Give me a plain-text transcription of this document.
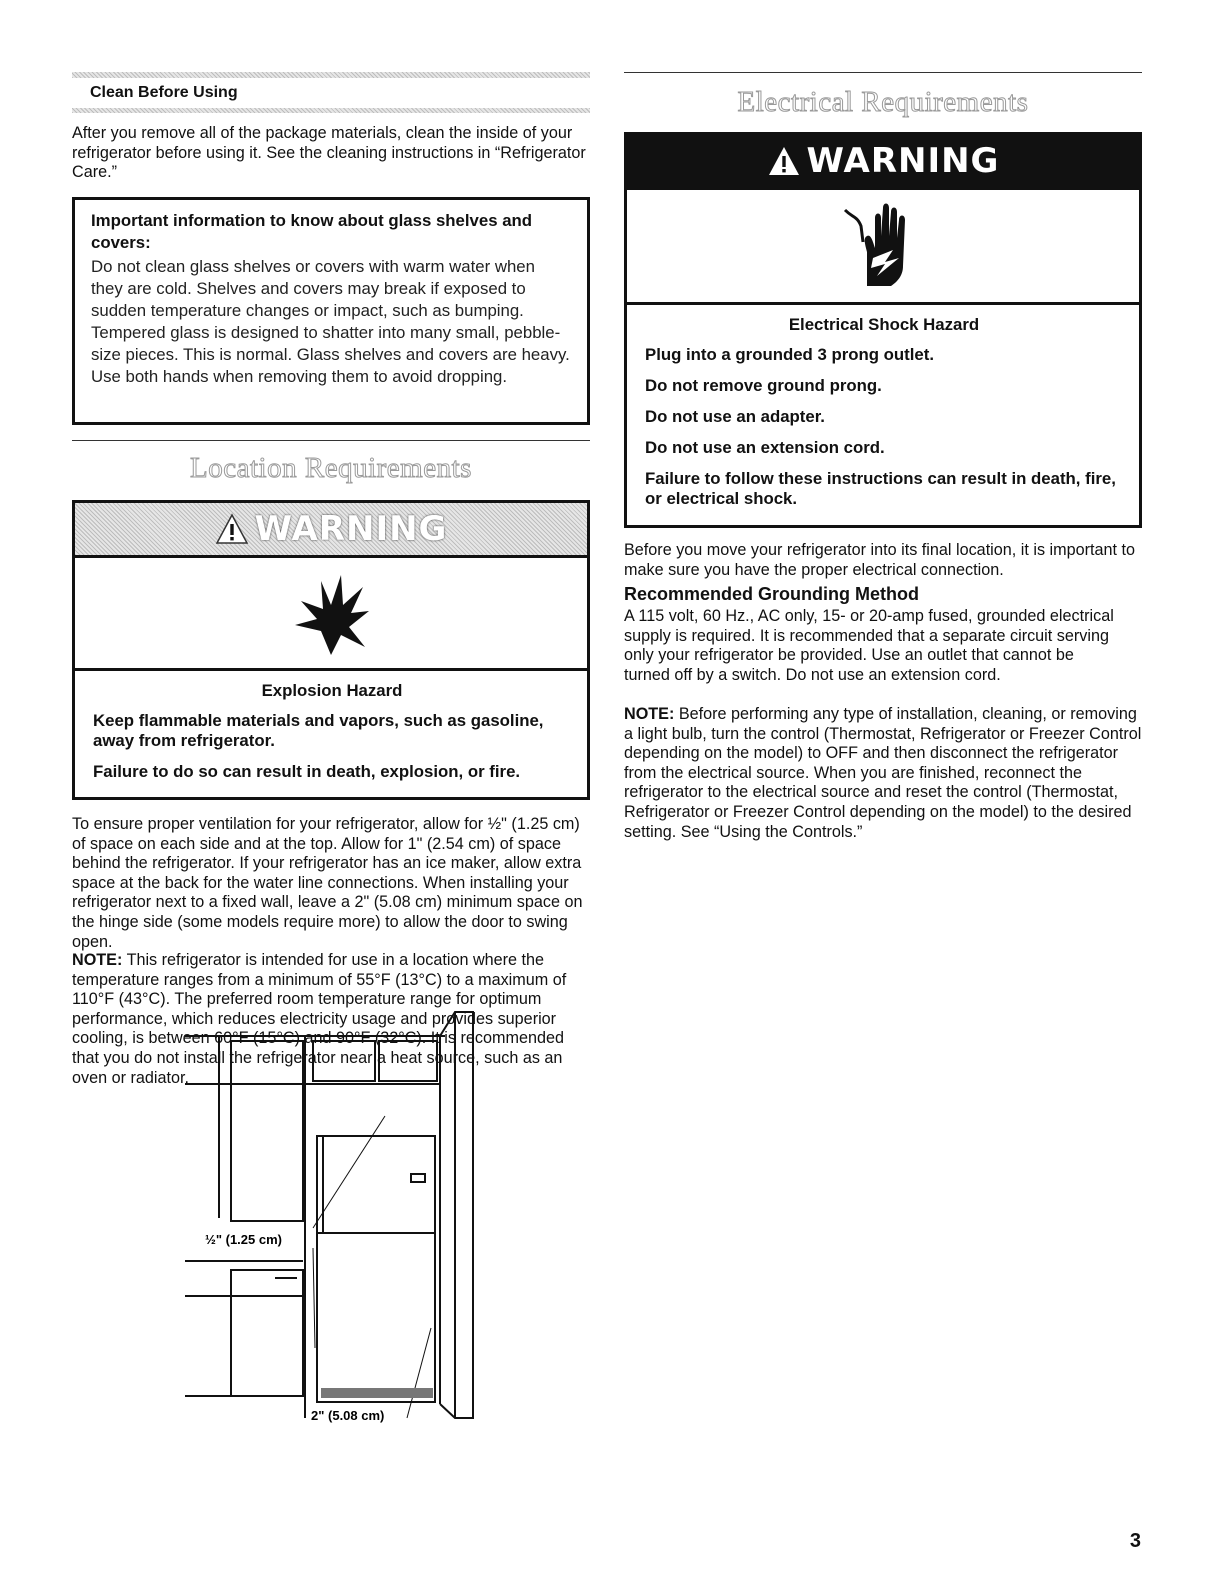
Clean Before Using

After you remove all of the package materials, clean the inside of your refrigerator before using it. See the cleaning instructions in “Refrigerator Care.”

Important information to know about glass shelves and covers:

Do not clean glass shelves or covers with warm water when they are cold. Shelves and covers may break if exposed to sudden temperature changes or impact, such as bumping. Tempered glass is designed to shatter into many small, pebble-size pieces. This is normal. Glass shelves and covers are heavy. Use both hands when removing them to avoid dropping.

Location Requirements
WARNING

Explosion Hazard

Keep flammable materials and vapors, such as gasoline, away from refrigerator.

Failure to do so can result in death, explosion, or fire.

To ensure proper ventilation for your refrigerator, allow for ½" (1.25 cm) of space on each side and at the top. Allow for 1" (2.54 cm) of space behind the refrigerator. If your refrigerator has an ice maker, allow extra space at the back for the water line connections. When installing your refrigerator next to a fixed wall, leave a 2" (5.08 cm) minimum space on the hinge side (some models require more) to allow the door to swing open.

NOTE: This refrigerator is intended for use in a location where the temperature ranges from a minimum of 55°F (13°C) to a maximum of 110°F (43°C). The preferred room temperature range for optimum performance, which reduces electricity usage and provides superior cooling, is between 60°F (15°C) and 90°F (32°C). It is recommended that you do not install the refrigerator near a heat source, such as an oven or radiator.

½" (1.25 cm)
2" (5.08 cm)
Electrical Requirements
WARNING

Electrical Shock Hazard

Plug into a grounded 3 prong outlet.

Do not remove ground prong.

Do not use an adapter.

Do not use an extension cord.

Failure to follow these instructions can result in death, fire, or electrical shock.

Before you move your refrigerator into its final location, it is important to make sure you have the proper electrical connection.

Recommended Grounding Method

A 115 volt, 60 Hz., AC only, 15- or 20-amp fused, grounded electrical supply is required. It is recommended that a separate circuit serving only your refrigerator be provided. Use an outlet that cannot be turned off by a switch. Do not use an extension cord.

NOTE: Before performing any type of installation, cleaning, or removing a light bulb, turn the control (Thermostat, Refrigerator or Freezer Control depending on the model) to OFF and then disconnect the refrigerator from the electrical source. When you are finished, reconnect the refrigerator to the electrical source and reset the control (Thermostat, Refrigerator or Freezer Control depending on the model) to the desired setting. See “Using the Controls.”

3
